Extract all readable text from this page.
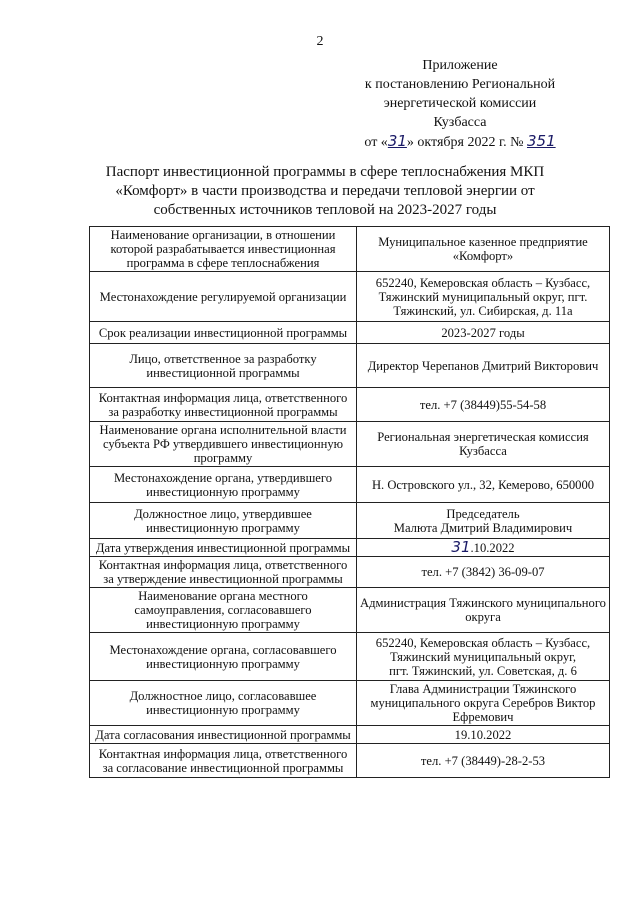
2
Приложение
к постановлению Региональной
энергетической комиссии
Кузбасса
от «31» октября 2022 г. № 351
Паспорт инвестиционной программы в сфере теплоснабжения МКП
«Комфорт» в части производства и передачи тепловой энергии от
собственных источников тепловой на 2023-2027 годы
Наименование организации, в отношении
которой разрабатывается инвестиционная
программа в сфере теплоснабжения	Муниципальное казенное предприятие
«Комфорт»

Местонахождение регулируемой организации	652240, Кемеровская область – Кузбасс,
Тяжинский муниципальный округ, пгт.
Тяжинский, ул. Сибирская, д. 11а

Срок реализации инвестиционной программы	2023-2027 годы

Лицо, ответственное за разработку
инвестиционной программы	Директор Черепанов Дмитрий Викторович

Контактная информация лица, ответственного
за разработку инвестиционной программы	тел. +7 (38449)55-54-58

Наименование органа исполнительной власти
субъекта РФ утвердившего инвестиционную
программу	Региональная энергетическая комиссия
Кузбасса

Местонахождение органа, утвердившего
инвестиционную программу	Н. Островского ул., 32, Кемерово, 650000

Должностное лицо, утвердившее
инвестиционную программу	Председатель
Малюта Дмитрий Владимирович

Дата утверждения инвестиционной программы	31.10.2022

Контактная информация лица, ответственного
за утверждение инвестиционной программы	тел. +7 (3842) 36-09-07

Наименование органа местного
самоуправления, согласовавшего
инвестиционную программу	Администрация Тяжинского муниципального
округа

Местонахождение органа, согласовавшего
инвестиционную программу	652240, Кемеровская область – Кузбасс,
Тяжинский муниципальный округ,
пгт. Тяжинский, ул. Советская, д. 6

Должностное лицо, согласовавшее
инвестиционную программу	Глава Администрации Тяжинского
муниципального округа Серебров Виктор
Ефремович

Дата согласования инвестиционной программы	19.10.2022

Контактная информация лица, ответственного
за согласование инвестиционной программы	тел. +7 (38449)-28-2-53
